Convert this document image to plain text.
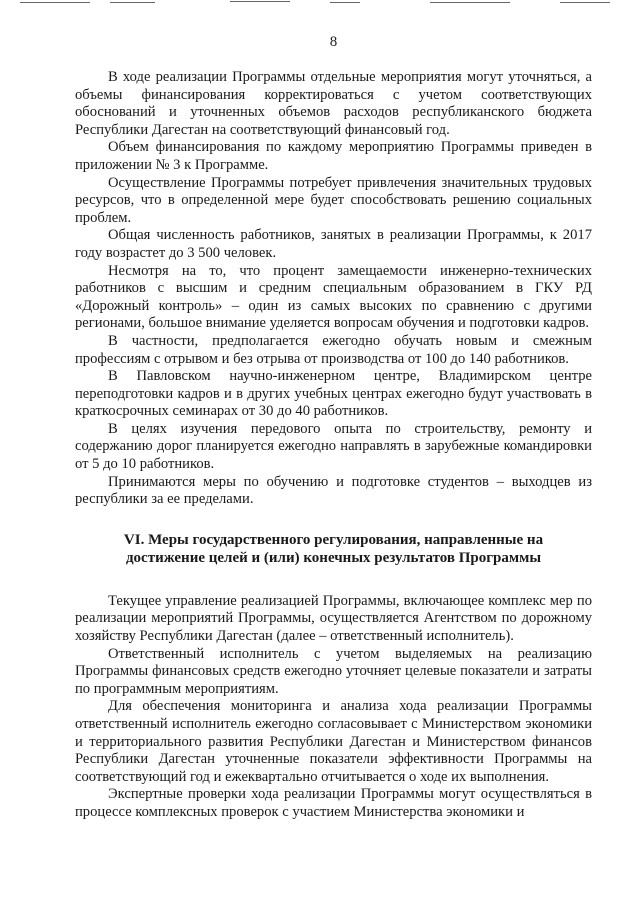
8

В ходе реализации Программы отдельные мероприятия могут уточняться, а объемы финансирования корректироваться с учетом соответствующих обоснований и уточненных объемов расходов республиканского бюджета Республики Дагестан на соответствующий финансовый год.

Объем финансирования по каждому мероприятию Программы приведен в приложении № 3 к Программе.

Осуществление Программы потребует привлечения значительных трудовых ресурсов, что в определенной мере будет способствовать решению социальных проблем.

Общая численность работников, занятых в реализации Программы, к 2017 году возрастет до 3 500 человек.

Несмотря на то, что процент замещаемости инженерно-технических работников с высшим и средним специальным образованием в ГКУ РД «Дорожный контроль» – один из самых высоких по сравнению с другими регионами, большое внимание уделяется вопросам обучения и подготовки кадров.

В частности, предполагается ежегодно обучать новым и смежным профессиям с отрывом и без отрыва от производства от 100 до 140 работников.

В Павловском научно-инженерном центре, Владимирском центре переподготовки кадров и в других учебных центрах ежегодно будут участвовать в краткосрочных семинарах от 30 до 40 работников.

В целях изучения передового опыта по строительству, ремонту и содержанию дорог планируется ежегодно направлять в зарубежные командировки от 5 до 10 работников.

Принимаются меры по обучению и подготовке студентов – выходцев из республики за ее пределами.

VI. Меры государственного регулирования, направленные на
достижение целей и (или) конечных результатов Программы

Текущее управление реализацией Программы, включающее комплекс мер по реализации мероприятий Программы, осуществляется Агентством по дорожному хозяйству Республики Дагестан (далее – ответственный исполнитель).

Ответственный исполнитель с учетом выделяемых на реализацию Программы финансовых средств ежегодно уточняет целевые показатели и затраты по программным мероприятиям.

Для обеспечения мониторинга и анализа хода реализации Программы ответственный исполнитель ежегодно согласовывает с Министерством экономики и территориального развития Республики Дагестан и Министерством финансов Республики Дагестан уточненные показатели эффективности Программы на соответствующий год и ежеквартально отчитывается о ходе их выполнения.

Экспертные проверки хода реализации Программы могут осуществляться в процессе комплексных проверок с участием Министерства экономики и
